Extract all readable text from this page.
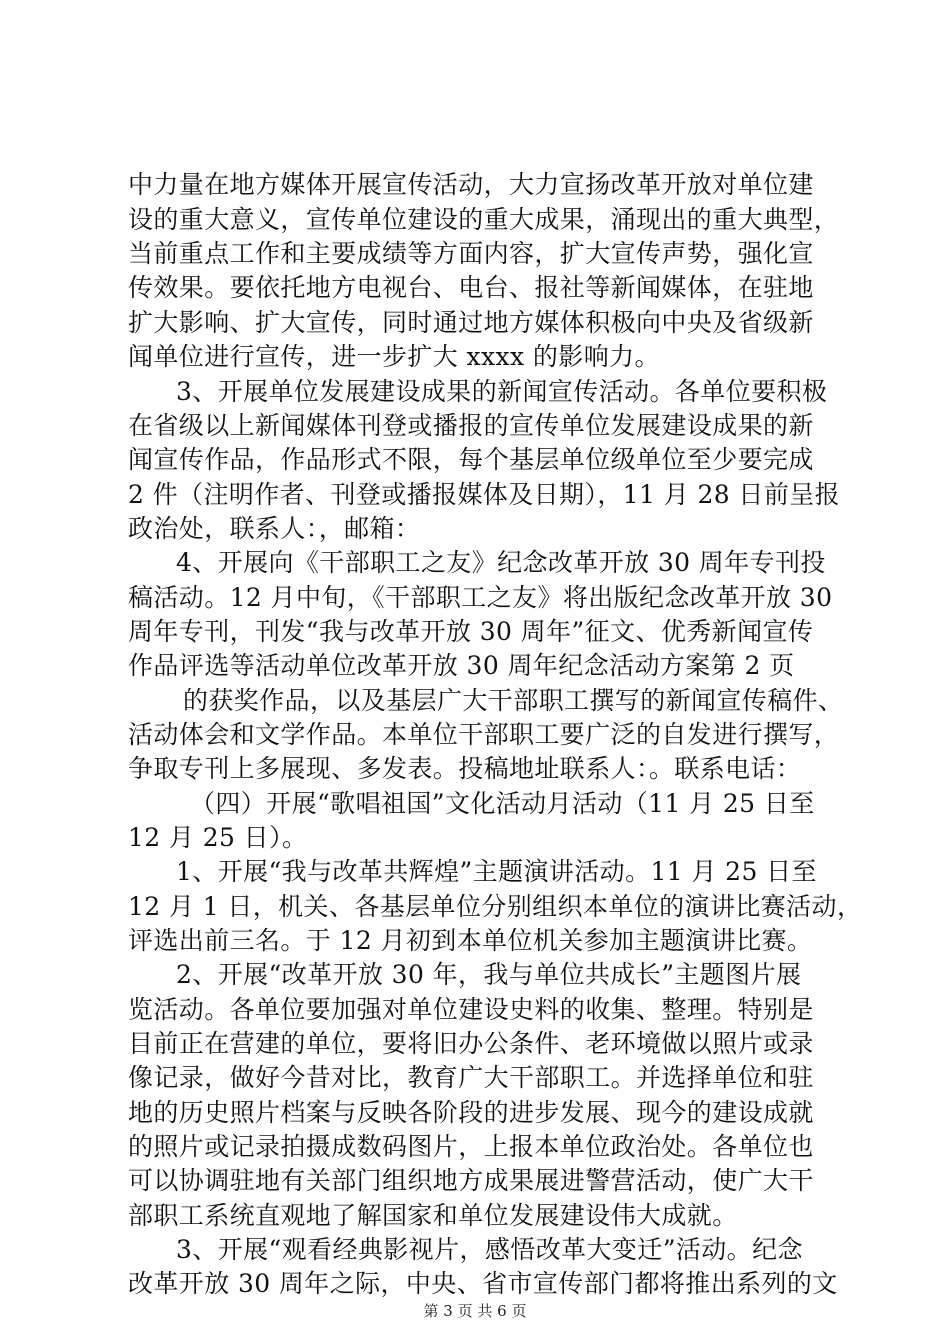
中力量在地方媒体开展宣传活动，大力宣扬改革开放对单位建
设的重大意义，宣传单位建设的重大成果，涌现出的重大典型，
当前重点工作和主要成绩等方面内容，扩大宣传声势，强化宣
传效果。要依托地方电视台、电台、报社等新闻媒体，在驻地
扩大影响、扩大宣传，同时通过地方媒体积极向中央及省级新
闻单位进行宣传，进一步扩大 xxxx 的影响力。
3、开展单位发展建设成果的新闻宣传活动。各单位要积极
在省级以上新闻媒体刊登或播报的宣传单位发展建设成果的新
闻宣传作品，作品形式不限，每个基层单位级单位至少要完成
2 件（注明作者、刊登或播报媒体及日期），11 月 28 日前呈报
政治处，联系人：，邮箱：
4、开展向《干部职工之友》纪念改革开放 30 周年专刊投
稿活动。12 月中旬，《干部职工之友》将出版纪念改革开放 30
周年专刊，刊发“我与改革开放 30 周年”征文、优秀新闻宣传
作品评选等活动单位改革开放 30 周年纪念活动方案第 2 页
的获奖作品，以及基层广大干部职工撰写的新闻宣传稿件、
活动体会和文学作品。本单位干部职工要广泛的自发进行撰写，
争取专刊上多展现、多发表。投稿地址联系人：。联系电话：
（四）开展“歌唱祖国”文化活动月活动（11 月 25 日至
12 月 25 日）。
1、开展“我与改革共辉煌”主题演讲活动。11 月 25 日至
12 月 1 日，机关、各基层单位分别组织本单位的演讲比赛活动，
评选出前三名。于 12 月初到本单位机关参加主题演讲比赛。
2、开展“改革开放 30 年，我与单位共成长”主题图片展
览活动。各单位要加强对单位建设史料的收集、整理。特别是
目前正在营建的单位，要将旧办公条件、老环境做以照片或录
像记录，做好今昔对比，教育广大干部职工。并选择单位和驻
地的历史照片档案与反映各阶段的进步发展、现今的建设成就
的照片或记录拍摄成数码图片，上报本单位政治处。各单位也
可以协调驻地有关部门组织地方成果展进警营活动，使广大干
部职工系统直观地了解国家和单位发展建设伟大成就。
3、开展“观看经典影视片，感悟改革大变迁”活动。纪念
改革开放 30 周年之际，中央、省市宣传部门都将推出系列的文
第 3 页 共 6 页
